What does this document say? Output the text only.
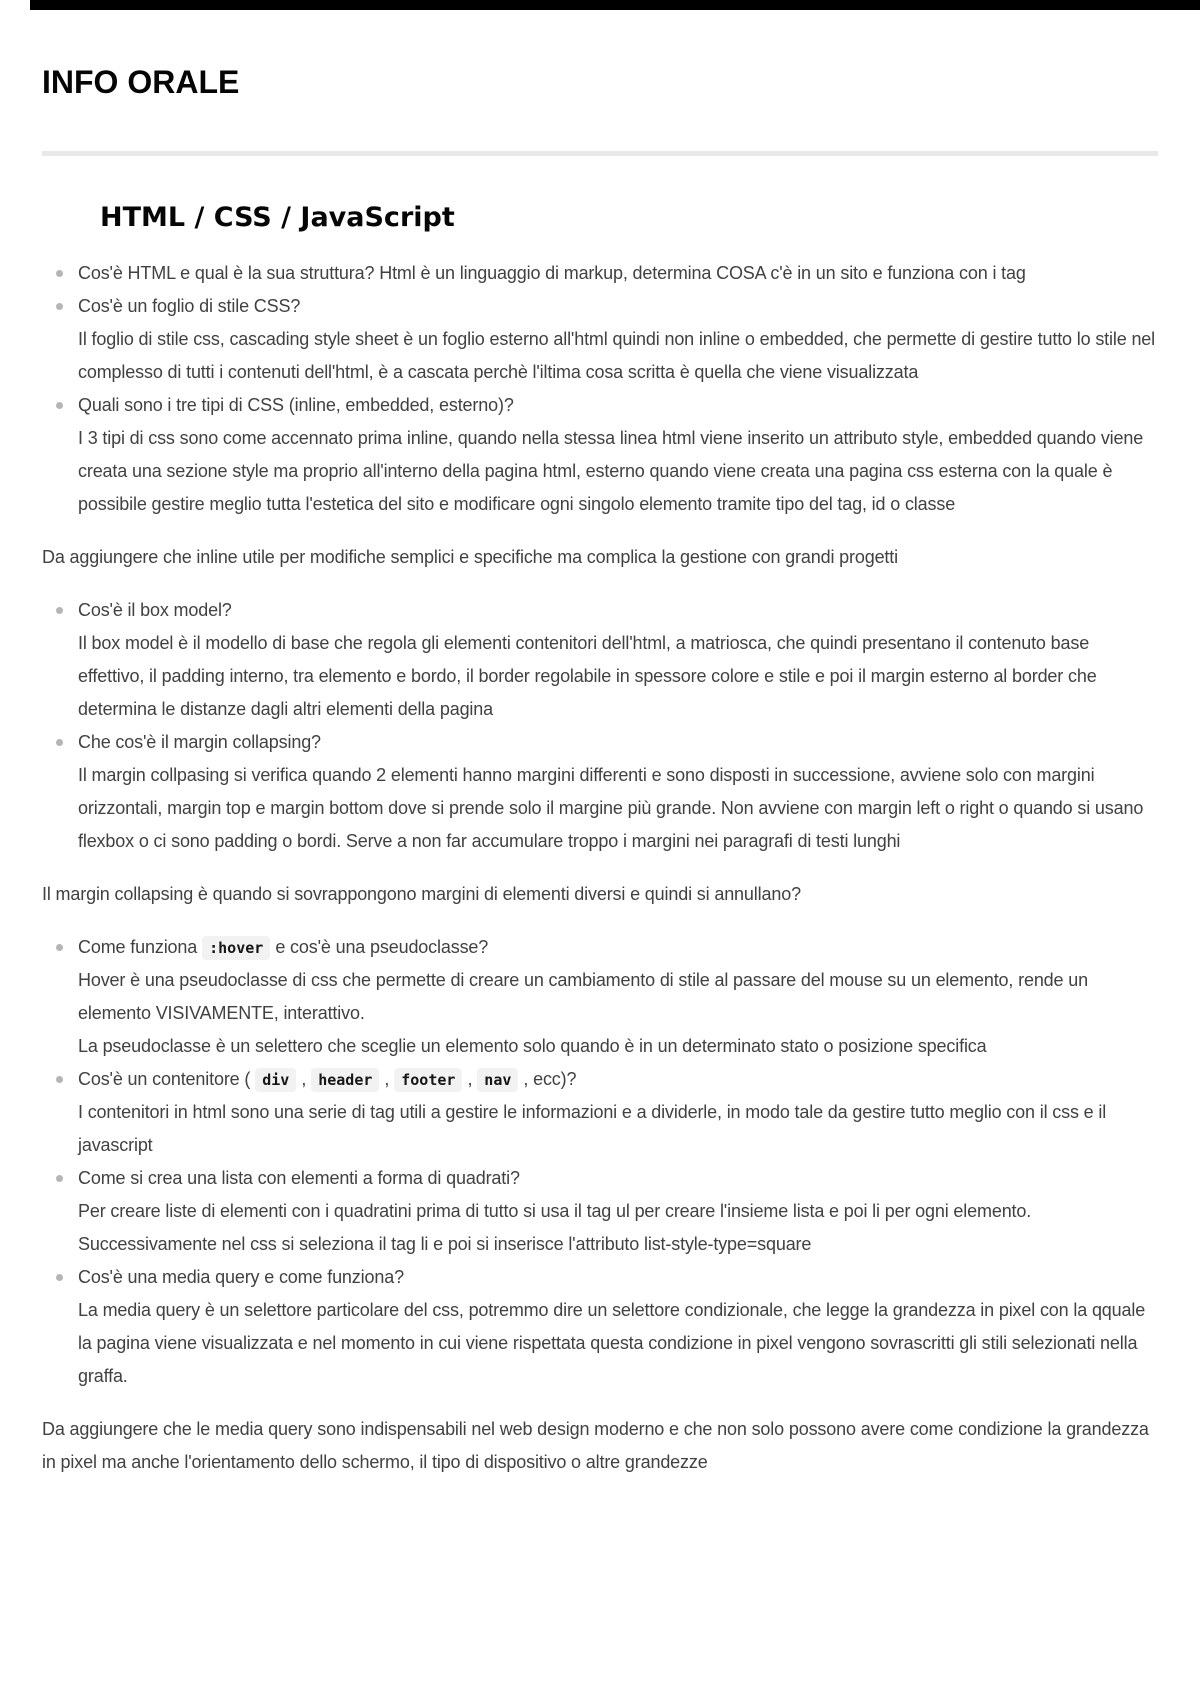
INFO ORALE
HTML / CSS / JavaScript
Cos'è HTML e qual è la sua struttura? Html è un linguaggio di markup, determina COSA c'è in un sito e funziona con i tag
Cos'è un foglio di stile CSS?
Il foglio di stile css, cascading style sheet è un foglio esterno all'html quindi non inline o embedded, che permette di gestire tutto lo stile nel complesso di tutti i contenuti dell'html, è a cascata perchè l'iltima cosa scritta è quella che viene visualizzata
Quali sono i tre tipi di CSS (inline, embedded, esterno)?
I 3 tipi di css sono come accennato prima inline, quando nella stessa linea html viene inserito un attributo style, embedded quando viene creata una sezione style ma proprio all'interno della pagina html, esterno quando viene creata una pagina css esterna con la quale è possibile gestire meglio tutta l'estetica del sito e modificare ogni singolo elemento tramite tipo del tag, id o classe

Da aggiungere che inline utile per modifiche semplici e specifiche ma complica la gestione con grandi progetti

Cos'è il box model?
Il box model è il modello di base che regola gli elementi contenitori dell'html, a matriosca, che quindi presentano il contenuto base effettivo, il padding interno, tra elemento e bordo, il border regolabile in spessore colore e stile e poi il margin esterno al border che determina le distanze dagli altri elementi della pagina
Che cos'è il margin collapsing?
Il margin collpasing si verifica quando 2 elementi hanno margini differenti e sono disposti in successione, avviene solo con margini orizzontali, margin top e margin bottom dove si prende solo il margine più grande. Non avviene con margin left o right o quando si usano flexbox o ci sono padding o bordi. Serve a non far accumulare troppo i margini nei paragrafi di testi lunghi

Il margin collapsing è quando si sovrappongono margini di elementi diversi e quindi si annullano?

Come funziona :hover e cos'è una pseudoclasse?
Hover è una pseudoclasse di css che permette di creare un cambiamento di stile al passare del mouse su un elemento, rende un elemento VISIVAMENTE, interattivo.
La pseudoclasse è un selettero che sceglie un elemento solo quando è in un determinato stato o posizione specifica
Cos'è un contenitore ( div , header , footer , nav , ecc)?
I contenitori in html sono una serie di tag utili a gestire le informazioni e a dividerle, in modo tale da gestire tutto meglio con il css e il javascript
Come si crea una lista con elementi a forma di quadrati?
Per creare liste di elementi con i quadratini prima di tutto si usa il tag ul per creare l'insieme lista e poi li per ogni elemento. Successivamente nel css si seleziona il tag li e poi si inserisce l'attributo list-style-type=square
Cos'è una media query e come funziona?
La media query è un selettore particolare del css, potremmo dire un selettore condizionale, che legge la grandezza in pixel con la qquale la pagina viene visualizzata e nel momento in cui viene rispettata questa condizione in pixel vengono sovrascritti gli stili selezionati nella graffa.

Da aggiungere che le media query sono indispensabili nel web design moderno e che non solo possono avere come condizione la grandezza in pixel ma anche l'orientamento dello schermo, il tipo di dispositivo o altre grandezze
